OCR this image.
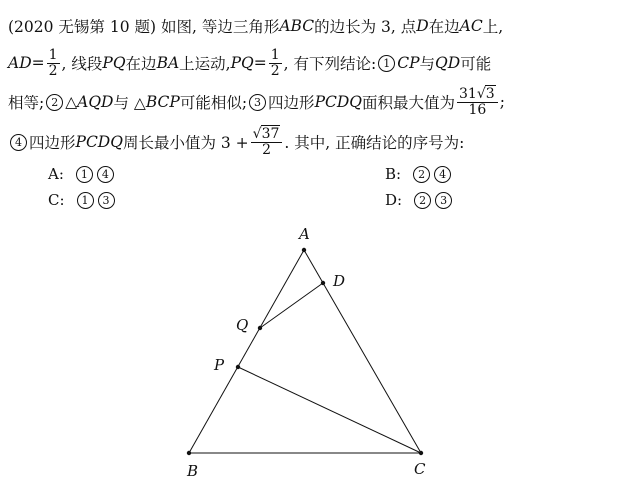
(2020 无锡第 10 题) 如图, 等边三角形 ABC 的边长为 3, 点 D 在边 AC 上,
AD = $\frac{1}{2}$ , 线段 PQ 在边 BA 上运动, PQ = $\frac{1}{2}$ , 有下列结论: 1 CP 与 QD 可能
相等; 2 △ AQD 与 △ BCP 可能相似; 3 四边形 PCDQ 面积最大值为 $\frac{31√3}{16}$ ;
4 四边形 PCDQ 周长最小值为 $3 + \frac{√37}{2}$ . 其中, 正确结论的序号为:
A:	1	4	B:	2	4
C:	1	3	D:	2	3
A
B	C
D
P
Q
